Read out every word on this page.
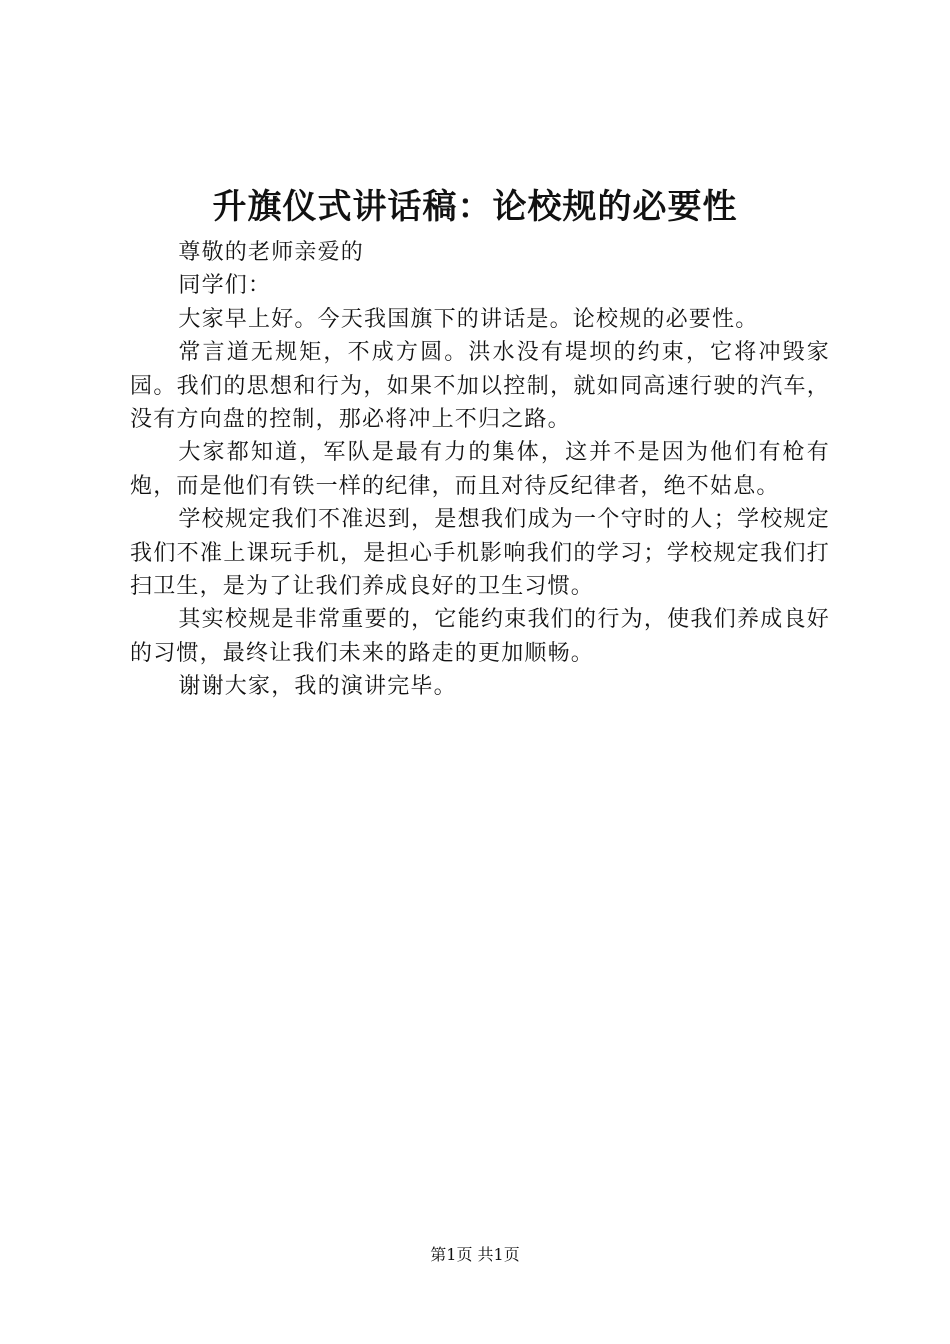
升旗仪式讲话稿：论校规的必要性

尊敬的老师亲爱的

同学们：

大家早上好。今天我国旗下的讲话是。论校规的必要性。

常言道无规矩，不成方圆。洪水没有堤坝的约束，它将冲毁家园。我们的思想和行为，如果不加以控制，就如同高速行驶的汽车，没有方向盘的控制，那必将冲上不归之路。

大家都知道，军队是最有力的集体，这并不是因为他们有枪有炮，而是他们有铁一样的纪律，而且对待反纪律者，绝不姑息。

学校规定我们不准迟到，是想我们成为一个守时的人；学校规定我们不准上课玩手机，是担心手机影响我们的学习；学校规定我们打扫卫生，是为了让我们养成良好的卫生习惯。

其实校规是非常重要的，它能约束我们的行为，使我们养成良好的习惯，最终让我们未来的路走的更加顺畅。

谢谢大家，我的演讲完毕。

第1页 共1页
